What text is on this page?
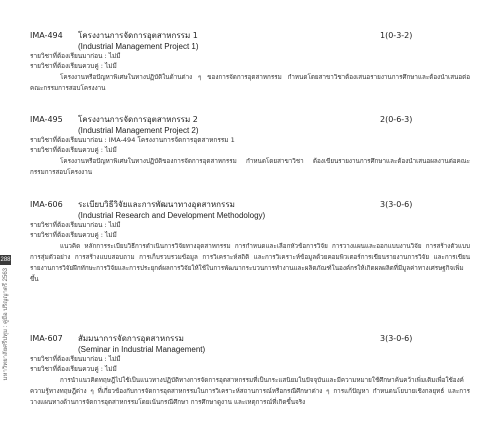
288
มหาวิทยาลัยศรีปทุม : คู่มือ ปริญญาตรี 2563
IMA-494 โครงงานการจัดการอุตสาหกรรม 1	1(0-3-2)
(Industrial Management Project 1)
รายวิชาที่ต้องเรียนมาก่อน : ไม่มี
รายวิชาที่ต้องเรียนควบคู่ : ไม่มี

โครงงานหรือปัญหาพิเศษในทางปฏิบัติในด้านต่าง ๆ ของการจัดการอุตสาหกรรม กำหนดโดยสาขาวิชาต้องเสนอรายงานการศึกษาและต้องนำเสนอต่อคณะกรรมการสอบโครงงาน

IMA-495 โครงงานการจัดการอุตสาหกรรม 2	2(0-6-3)
(Industrial Management Project 2)
รายวิชาที่ต้องเรียนมาก่อน : IMA-494 โครงงานการจัดการอุตสาหกรรม 1
รายวิชาที่ต้องเรียนควบคู่ : ไม่มี

โครงงานหรือปัญหาพิเศษในทางปฏิบัติของการจัดการอุตสาหกรรม กำหนดโดยสาขาวิชา ต้องเขียนรายงานการศึกษาและต้องนำเสนอผลงานต่อคณะกรรมการสอบโครงงาน

IMA-606 ระเบียบวิธีวิจัยและการพัฒนาทางอุตสาหกรรม	3(3-0-6)
(Industrial Research and Development Methodology)
รายวิชาที่ต้องเรียนมาก่อน : ไม่มี
รายวิชาที่ต้องเรียนควบคู่ : ไม่มี

แนวคิด หลักการระเบียบวิธีการดำเนินการวิจัยทางอุตสาหกรรม การกำหนดและเลือกหัวข้อการวิจัย การวางแผนและออกแบบงานวิจัย การสร้างตัวแบบ การสุ่มตัวอย่าง การสร้างแบบสอบถาม การเก็บรวบรวมข้อมูล การวิเคราะห์สถิติ และการวิเคราะห์ข้อมูลด้วยคอมพิวเตอร์การเขียนรายงานการวิจัย และการเขียนรายงานการวิจัยฝึกทักษะการวิจัยและการประยุกต์ผลการวิจัยให้ใช้ในการพัฒนากระบวนการทำงานและผลิตภัณฑ์ในองค์กรให้เกิดผลผลิตที่มีมูลค่าทางเศรษฐกิจเพิ่มขึ้น

IMA-607 สัมมนาการจัดการอุตสาหกรรม	3(3-0-6)
(Seminar in Industrial Management)
รายวิชาที่ต้องเรียนมาก่อน : ไม่มี
รายวิชาที่ต้องเรียนควบคู่ : ไม่มี

การนำแนวคิดทฤษฎีไปใช้เป็นแนวทางปฏิบัติทางการจัดการอุตสาหกรรมที่เป็นกระแสนิยมในปัจจุบันและมีความหมายใช้ศึกษาค้นคว้าเพิ่มเติมเพื่อใช้องค์ความรู้ทางทฤษฎีต่าง ๆ ที่เกี่ยวข้องกับการจัดการอุตสาหกรรมในการวิเคราะห์สถานการณ์หรือกรณีศึกษาต่าง ๆ การแก้ปัญหา กำหนดนโยบายเชิงกลยุทธ์ และการวางแผนทางด้านการจัดการอุตสาหกรรมโดยเน้นกรณีศึกษา การศึกษาดูงาน และเหตุการณ์ที่เกิดขึ้นจริง
